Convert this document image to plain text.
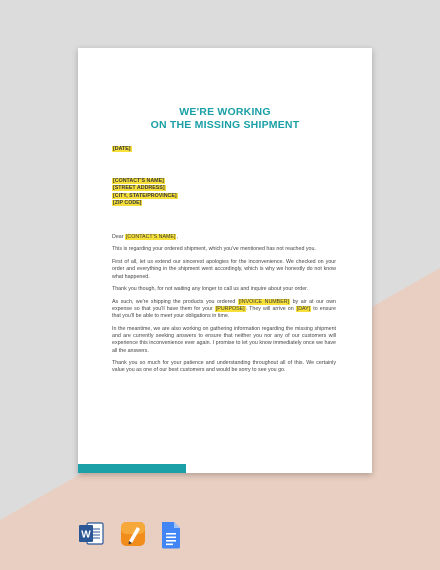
WE'RE WORKING
ON THE MISSING SHIPMENT
[DATE]
[CONTACT'S NAME]
[STREET ADDRESS]
[CITY, STATE/PROVINCE]
[ZIP CODE]

Dear [CONTACT'S NAME],

This is regarding your ordered shipment, which you've mentioned has not reached you.

First of all, let us extend our sincerest apologies for the inconvenience. We checked on your order and everything in the shipment went accordingly, which is why we honestly do not know what happened.

Thank you though, for not waiting any longer to call us and inquire about your order.

As such, we're shipping the products you ordered [INVOICE NUMBER] by air at our own expense so that you'll have them for your [PURPOSE]. They will arrive on [DAY] to ensure that you'll be able to meet your obligations in time.

In the meantime, we are also working on gathering information regarding the missing shipment and are currently seeking answers to ensure that neither you nor any of our customers will experience this inconvenience ever again. I promise to let you know immediately once we have all the answers.

Thank you so much for your patience and understanding throughout all of this. We certainly value you as one of our best customers and would be sorry to see you go.

W
